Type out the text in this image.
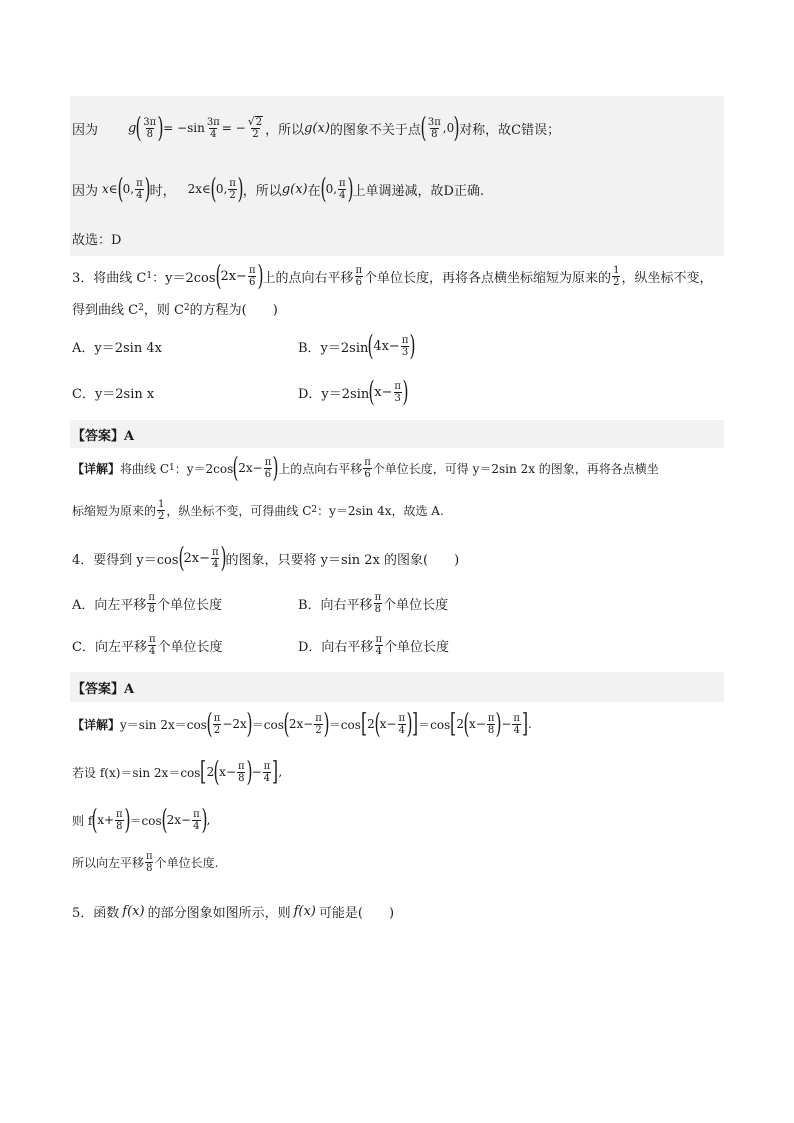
因为 g ( $\frac{3\pi}{8}$ ) = $-\sin \frac{3\pi}{4}$ = − $\frac{√2}{2}$ ，所以 g(x) 的图象不关于点 ( $\frac{3\pi}{8} ,0$ ) 对称，故C错误；
因为 x∈ ( 0, $\frac{\pi}{4}$ ) 时， 2x∈ ( 0, $\frac{\pi}{2}$ ) ，所以 g(x) 在 ( 0, $\frac{\pi}{4}$ ) 上单调递减，故D正确.
故选：D
3．将曲线 C 1 ：y＝2cos ( $2x- \frac{\pi}{6}$ ) 上的点向右平移 $\frac{\pi}{6}$ 个单位长度，再将各点横坐标缩短为原来的 $\frac{1}{2}$ ，纵坐标不变，
得到曲线 C 2 ，则 C 2 的方程为(　　)
A．y＝2sin 4x	B．y＝2sin ( $4x- \frac{\pi}{3}$ )
C．y＝2sin x	D．y＝2sin ( $x- \frac{\pi}{3}$ )
【答案】A
【详解】 将曲线 C 1 ：y＝2cos ( $2x- \frac{\pi}{6}$ ) 上的点向右平移 $\frac{\pi}{6}$ 个单位长度，可得 y＝2sin 2x 的图象，再将各点横坐
标缩短为原来的 $\frac{1}{2}$ ，纵坐标不变，可得曲线 C 2 ：y＝2sin 4x，故选 A.
4．要得到 y＝cos ( $2x- \frac{\pi}{4}$ ) 的图象，只要将 y＝sin 2x 的图象(　　)
A．向左平移 $\frac{\pi}{8}$ 个单位长度	B．向右平移 $\frac{\pi}{8}$ 个单位长度
C．向左平移 $\frac{\pi}{4}$ 个单位长度	D．向右平移 $\frac{\pi}{4}$ 个单位长度
【答案】A
【详解】 y＝sin 2x＝cos ( $\frac{\pi}{2} -2x$ ) ＝cos ( $2x- \frac{\pi}{2}$ ) ＝cos [ 2 ( $x- \frac{\pi}{4}$ ) ] ＝cos [ 2 ( $x- \frac{\pi}{8}$ ) − $\frac{\pi}{4}$ ] .
若设 f(x)＝sin 2x＝cos [ 2 ( $x- \frac{\pi}{8}$ ) − $\frac{\pi}{4}$ ] ,
则 f ( $x+ \frac{\pi}{8}$ ) ＝cos ( $2x- \frac{\pi}{4}$ ) ,
所以向左平移 $\frac{\pi}{8}$ 个单位长度.
5．函数 f(x) 的部分图象如图所示，则 f(x) 可能是(　　)
